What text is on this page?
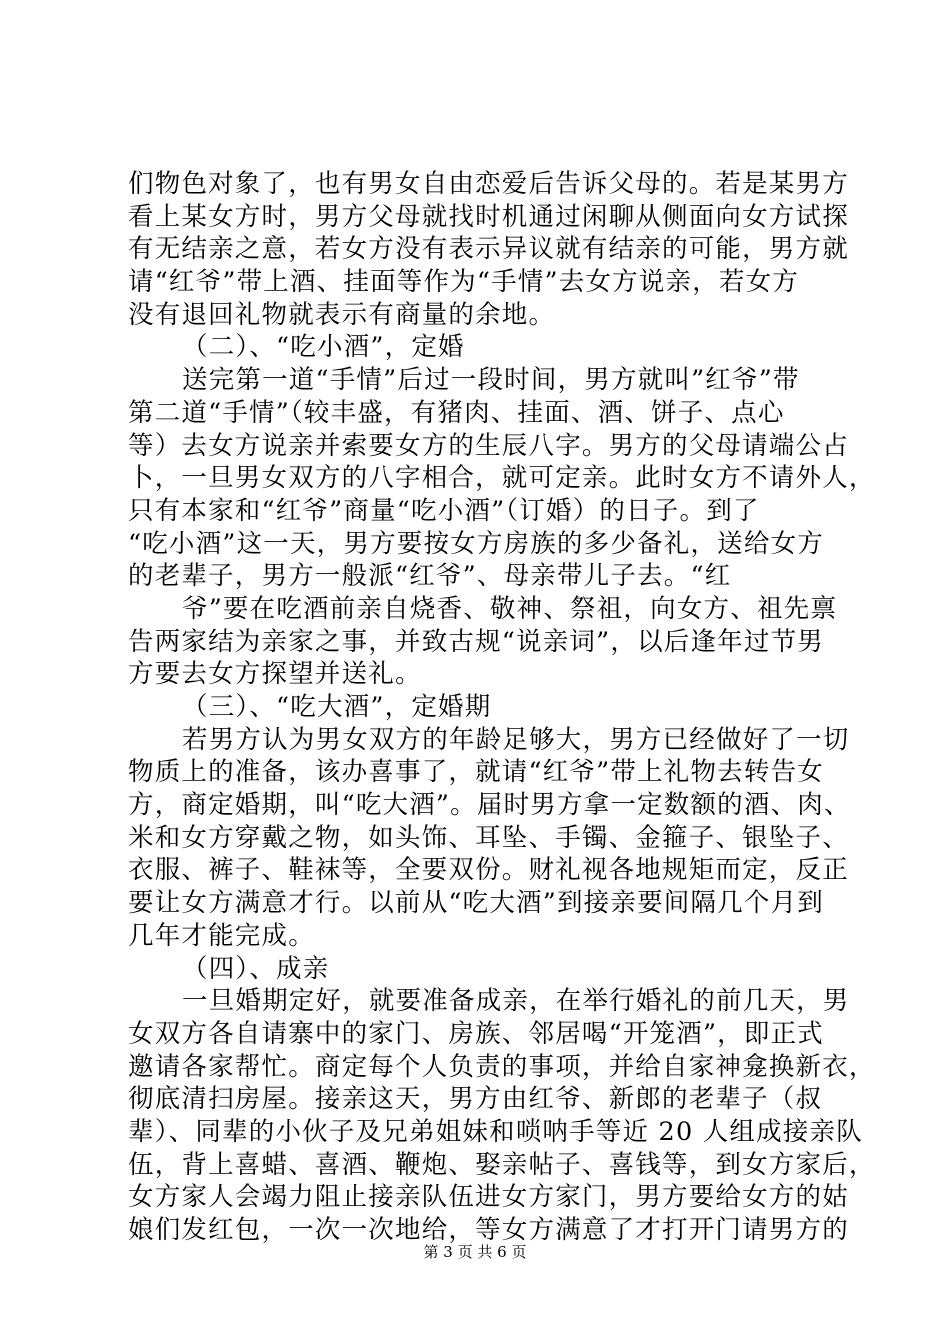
们物色对象了，也有男女自由恋爱后告诉父母的。若是某男方
看上某女方时，男方父母就找时机通过闲聊从侧面向女方试探
有无结亲之意，若女方没有表示异议就有结亲的可能，男方就
请“红爷”带上酒、挂面等作为“手情”去女方说亲，若女方
没有退回礼物就表示有商量的余地。
（二）、“吃小酒”，定婚
送完第一道“手情”后过一段时间，男方就叫”红爷”带
第二道“手情”（较丰盛，有猪肉、挂面、酒、饼子、点心
等）去女方说亲并索要女方的生辰八字。男方的父母请端公占
卜，一旦男女双方的八字相合，就可定亲。此时女方不请外人，
只有本家和“红爷”商量“吃小酒”（订婚）的日子。到了
“吃小酒”这一天，男方要按女方房族的多少备礼，送给女方
的老辈子，男方一般派“红爷”、母亲带儿子去。“红
爷”要在吃酒前亲自烧香、敬神、祭祖，向女方、祖先禀
告两家结为亲家之事，并致古规“说亲词”，以后逢年过节男
方要去女方探望并送礼。
（三）、“吃大酒”，定婚期
若男方认为男女双方的年龄足够大，男方已经做好了一切
物质上的准备，该办喜事了，就请“红爷”带上礼物去转告女
方，商定婚期，叫“吃大酒”。届时男方拿一定数额的酒、肉、
米和女方穿戴之物，如头饰、耳坠、手镯、金箍子、银坠子、
衣服、裤子、鞋袜等，全要双份。财礼视各地规矩而定，反正
要让女方满意才行。以前从“吃大酒”到接亲要间隔几个月到
几年才能完成。
（四）、成亲
一旦婚期定好，就要准备成亲，在举行婚礼的前几天，男
女双方各自请寨中的家门、房族、邻居喝“开笼酒”，即正式
邀请各家帮忙。商定每个人负责的事项，并给自家神龛换新衣，
彻底清扫房屋。接亲这天，男方由红爷、新郎的老辈子（叔
辈）、同辈的小伙子及兄弟姐妹和唢呐手等近 20 人组成接亲队
伍，背上喜蜡、喜酒、鞭炮、娶亲帖子、喜钱等，到女方家后，
女方家人会竭力阻止接亲队伍进女方家门，男方要给女方的姑
娘们发红包，一次一次地给，等女方满意了才打开门请男方的
第 3 页 共 6 页
